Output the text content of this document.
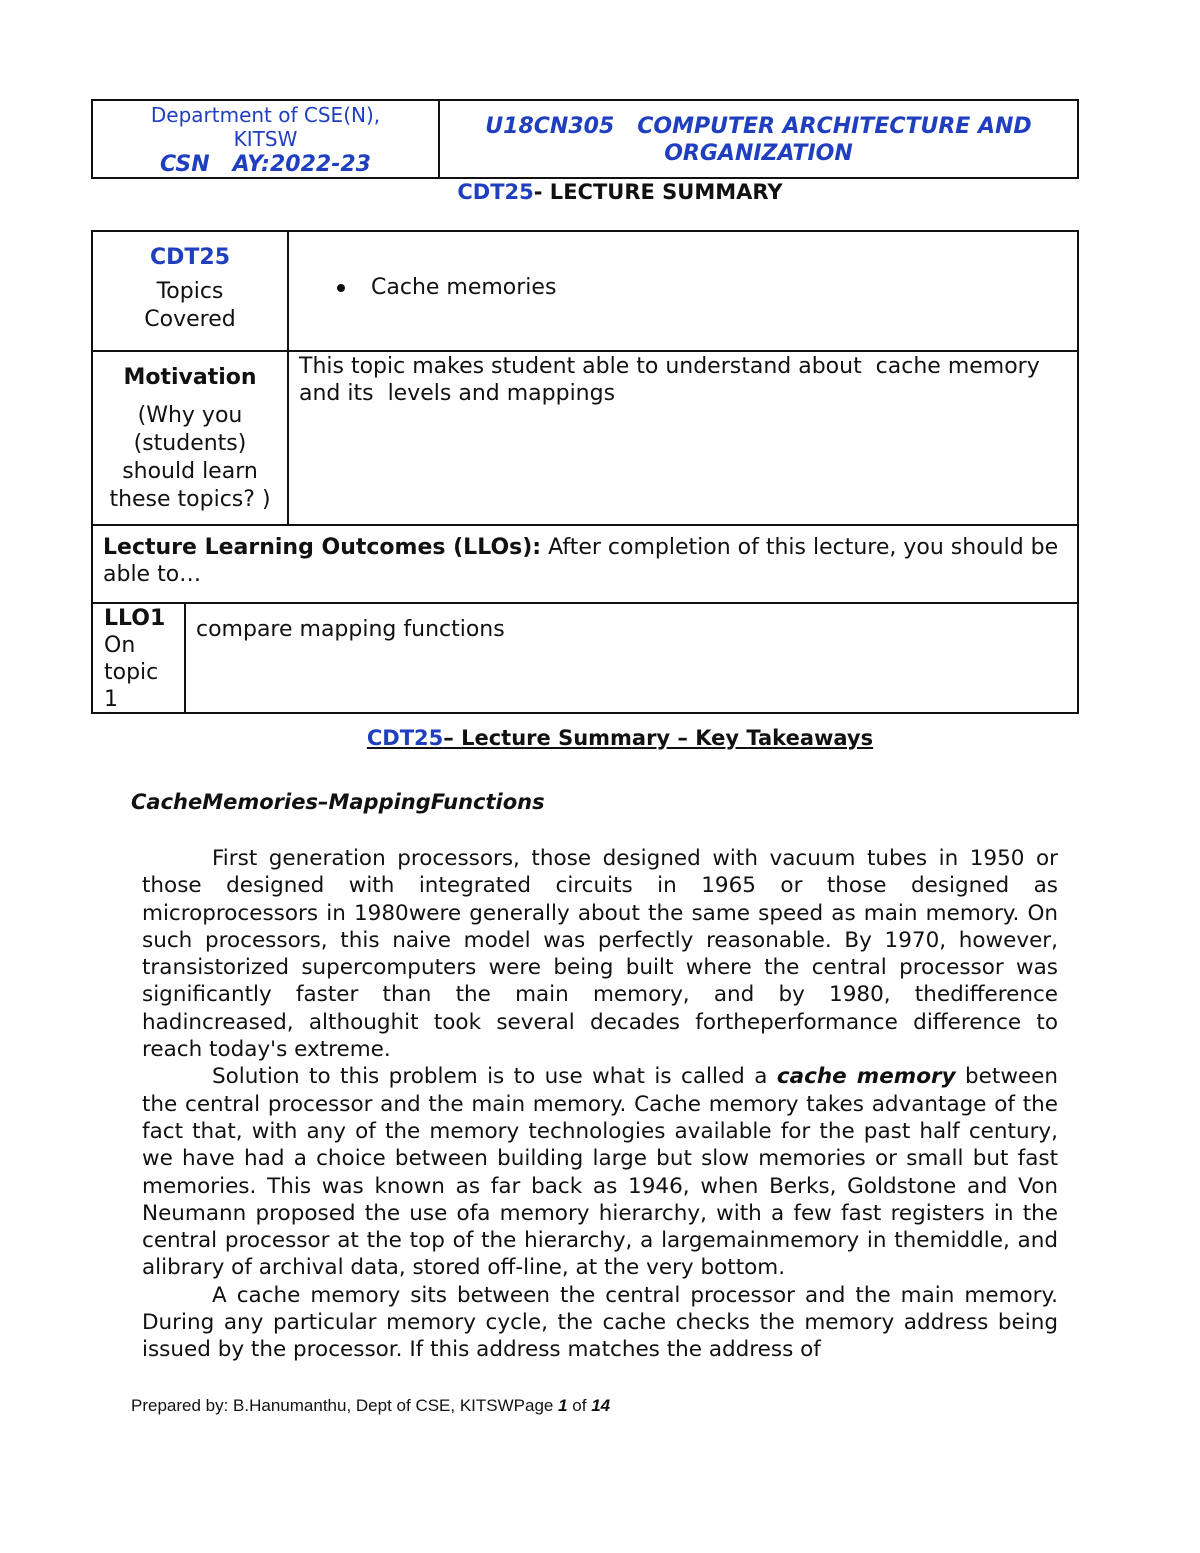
Department of CSE(N),
KITSW
CSN   AY:2022-23
U18CN305   COMPUTER ARCHITECTURE AND
ORGANIZATION
CDT25- LECTURE SUMMARY
CDT25
Topics
Covered
Cache memories
Motivation
(Why you
(students)
should learn
these topics? )
This topic makes student able to understand about  cache memory and its  levels and mappings
Lecture Learning Outcomes (LLOs): After completion of this lecture, you should be able to…
LLO1
On
topic
1
compare mapping functions
CDT25– Lecture Summary – Key Takeaways
CacheMemories–MappingFunctions

First generation processors, those designed with vacuum tubes in 1950 or those designed with integrated circuits in 1965 or those designed as microprocessors in 1980were generally about the same speed as main memory. On such processors, this naive model was perfectly reasonable. By 1970, however, transistorized supercomputers were being built where the central processor was significantly faster than the main memory, and by 1980, thedifference hadincreased, althoughit took several decades fortheperformance difference to reach today's extreme.

Solution to this problem is to use what is called a cache memory between the central processor and the main memory. Cache memory takes advantage of the fact that, with any of the memory technologies available for the past half century, we have had a choice between building large but slow memories or small but fast memories. This was known as far back as 1946, when Berks, Goldstone and Von Neumann proposed the use ofa memory hierarchy, with a few fast registers in the central processor at the top of the hierarchy, a largemainmemory in themiddle, and alibrary of archival data, stored off-line, at the very bottom.

A cache memory sits between the central processor and the main memory. During any particular memory cycle, the cache checks the memory address being issued by the processor. If this address matches the address of

Prepared by: B.Hanumanthu, Dept of CSE, KITSWPage 1 of 14
